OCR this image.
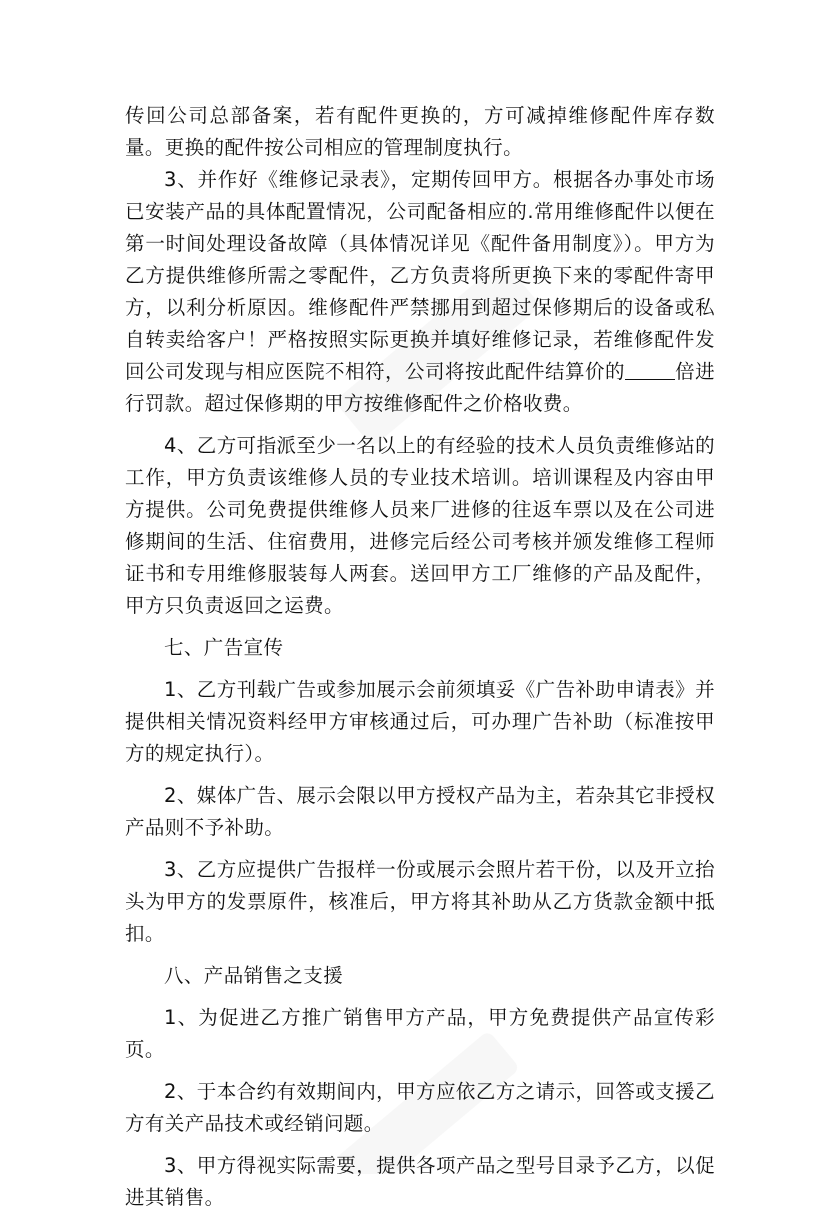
传回公司总部备案，若有配件更换的，方可减掉维修配件库存数量。更换的配件按公司相应的管理制度执行。

3、并作好《维修记录表》，定期传回甲方。根据各办事处市场已安装产品的具体配置情况，公司配备相应的.常用维修配件以便在第一时间处理设备故障（具体情况详见《配件备用制度》）。甲方为乙方提供维修所需之零配件，乙方负责将所更换下来的零配件寄甲方，以利分析原因。维修配件严禁挪用到超过保修期后的设备或私自转卖给客户！严格按照实际更换并填好维修记录，若维修配件发回公司发现与相应医院不相符，公司将按此配件结算价的	倍进行罚款。超过保修期的甲方按维修配件之价格收费。

4、乙方可指派至少一名以上的有经验的技术人员负责维修站的工作，甲方负责该维修人员的专业技术培训。培训课程及内容由甲方提供。公司免费提供维修人员来厂进修的往返车票以及在公司进修期间的生活、住宿费用，进修完后经公司考核并颁发维修工程师证书和专用维修服装每人两套。送回甲方工厂维修的产品及配件，甲方只负责返回之运费。

七、广告宣传

1、乙方刊载广告或参加展示会前须填妥《广告补助申请表》并提供相关情况资料经甲方审核通过后，可办理广告补助（标准按甲方的规定执行）。

2、媒体广告、展示会限以甲方授权产品为主，若杂其它非授权产品则不予补助。

3、乙方应提供广告报样一份或展示会照片若干份，以及开立抬头为甲方的发票原件，核准后，甲方将其补助从乙方货款金额中抵扣。

八、产品销售之支援

1、为促进乙方推广销售甲方产品，甲方免费提供产品宣传彩页。

2、于本合约有效期间内，甲方应依乙方之请示，回答或支援乙方有关产品技术或经销问题。

3、甲方得视实际需要，提供各项产品之型号目录予乙方，以促进其销售。
